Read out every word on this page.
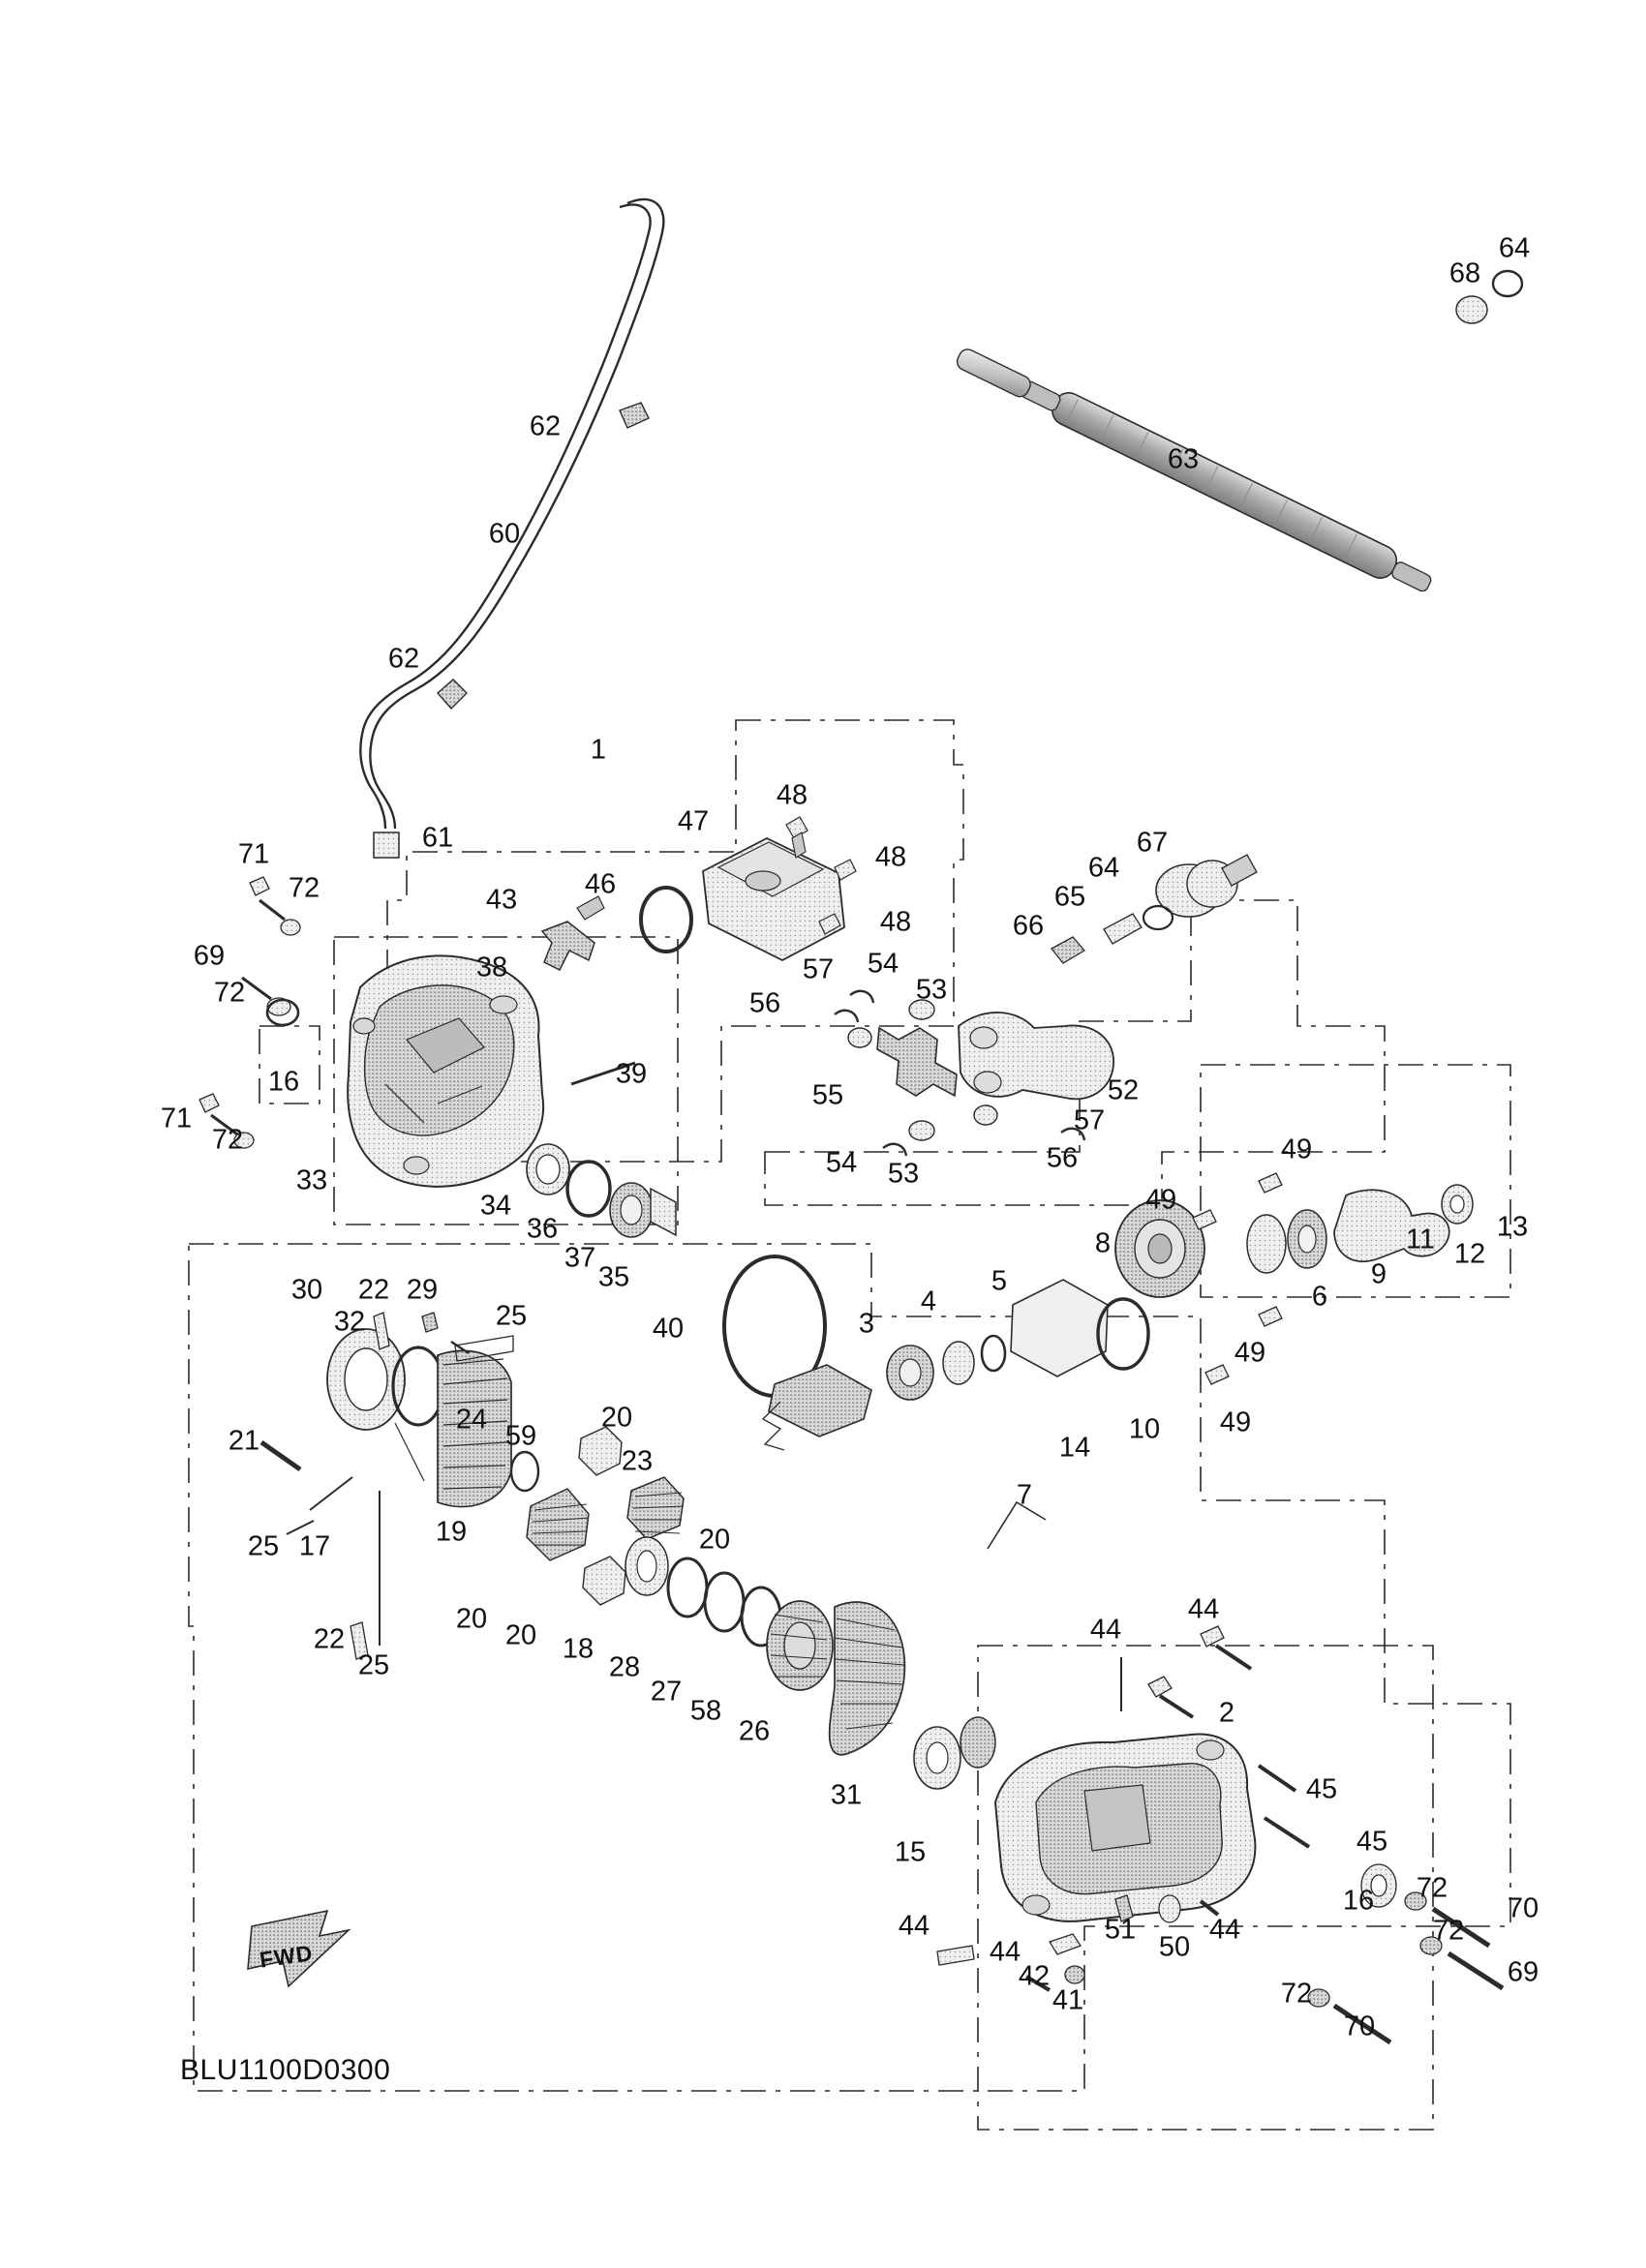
64
68
63
62
60
62
1
47
48
48
46
48
67
64
65
66
61
43
71
72
69
72
38	57 54
53
56
16
71
72
33
39
55	52
54 53	56
57
49
49
8
34
36
37
35
11 12
13
9
6
5
4
3
49
49
30 22 29
32	25	40
10
14
21
24
59
20
23
25 17	19	20
7
22
20
20 18
28
27
58
26
25
44
44
2
45
45
31
15
16 72
70
72
69
72
70
44
44
42
41
51
50
44
FWD
BLU1100D0300
